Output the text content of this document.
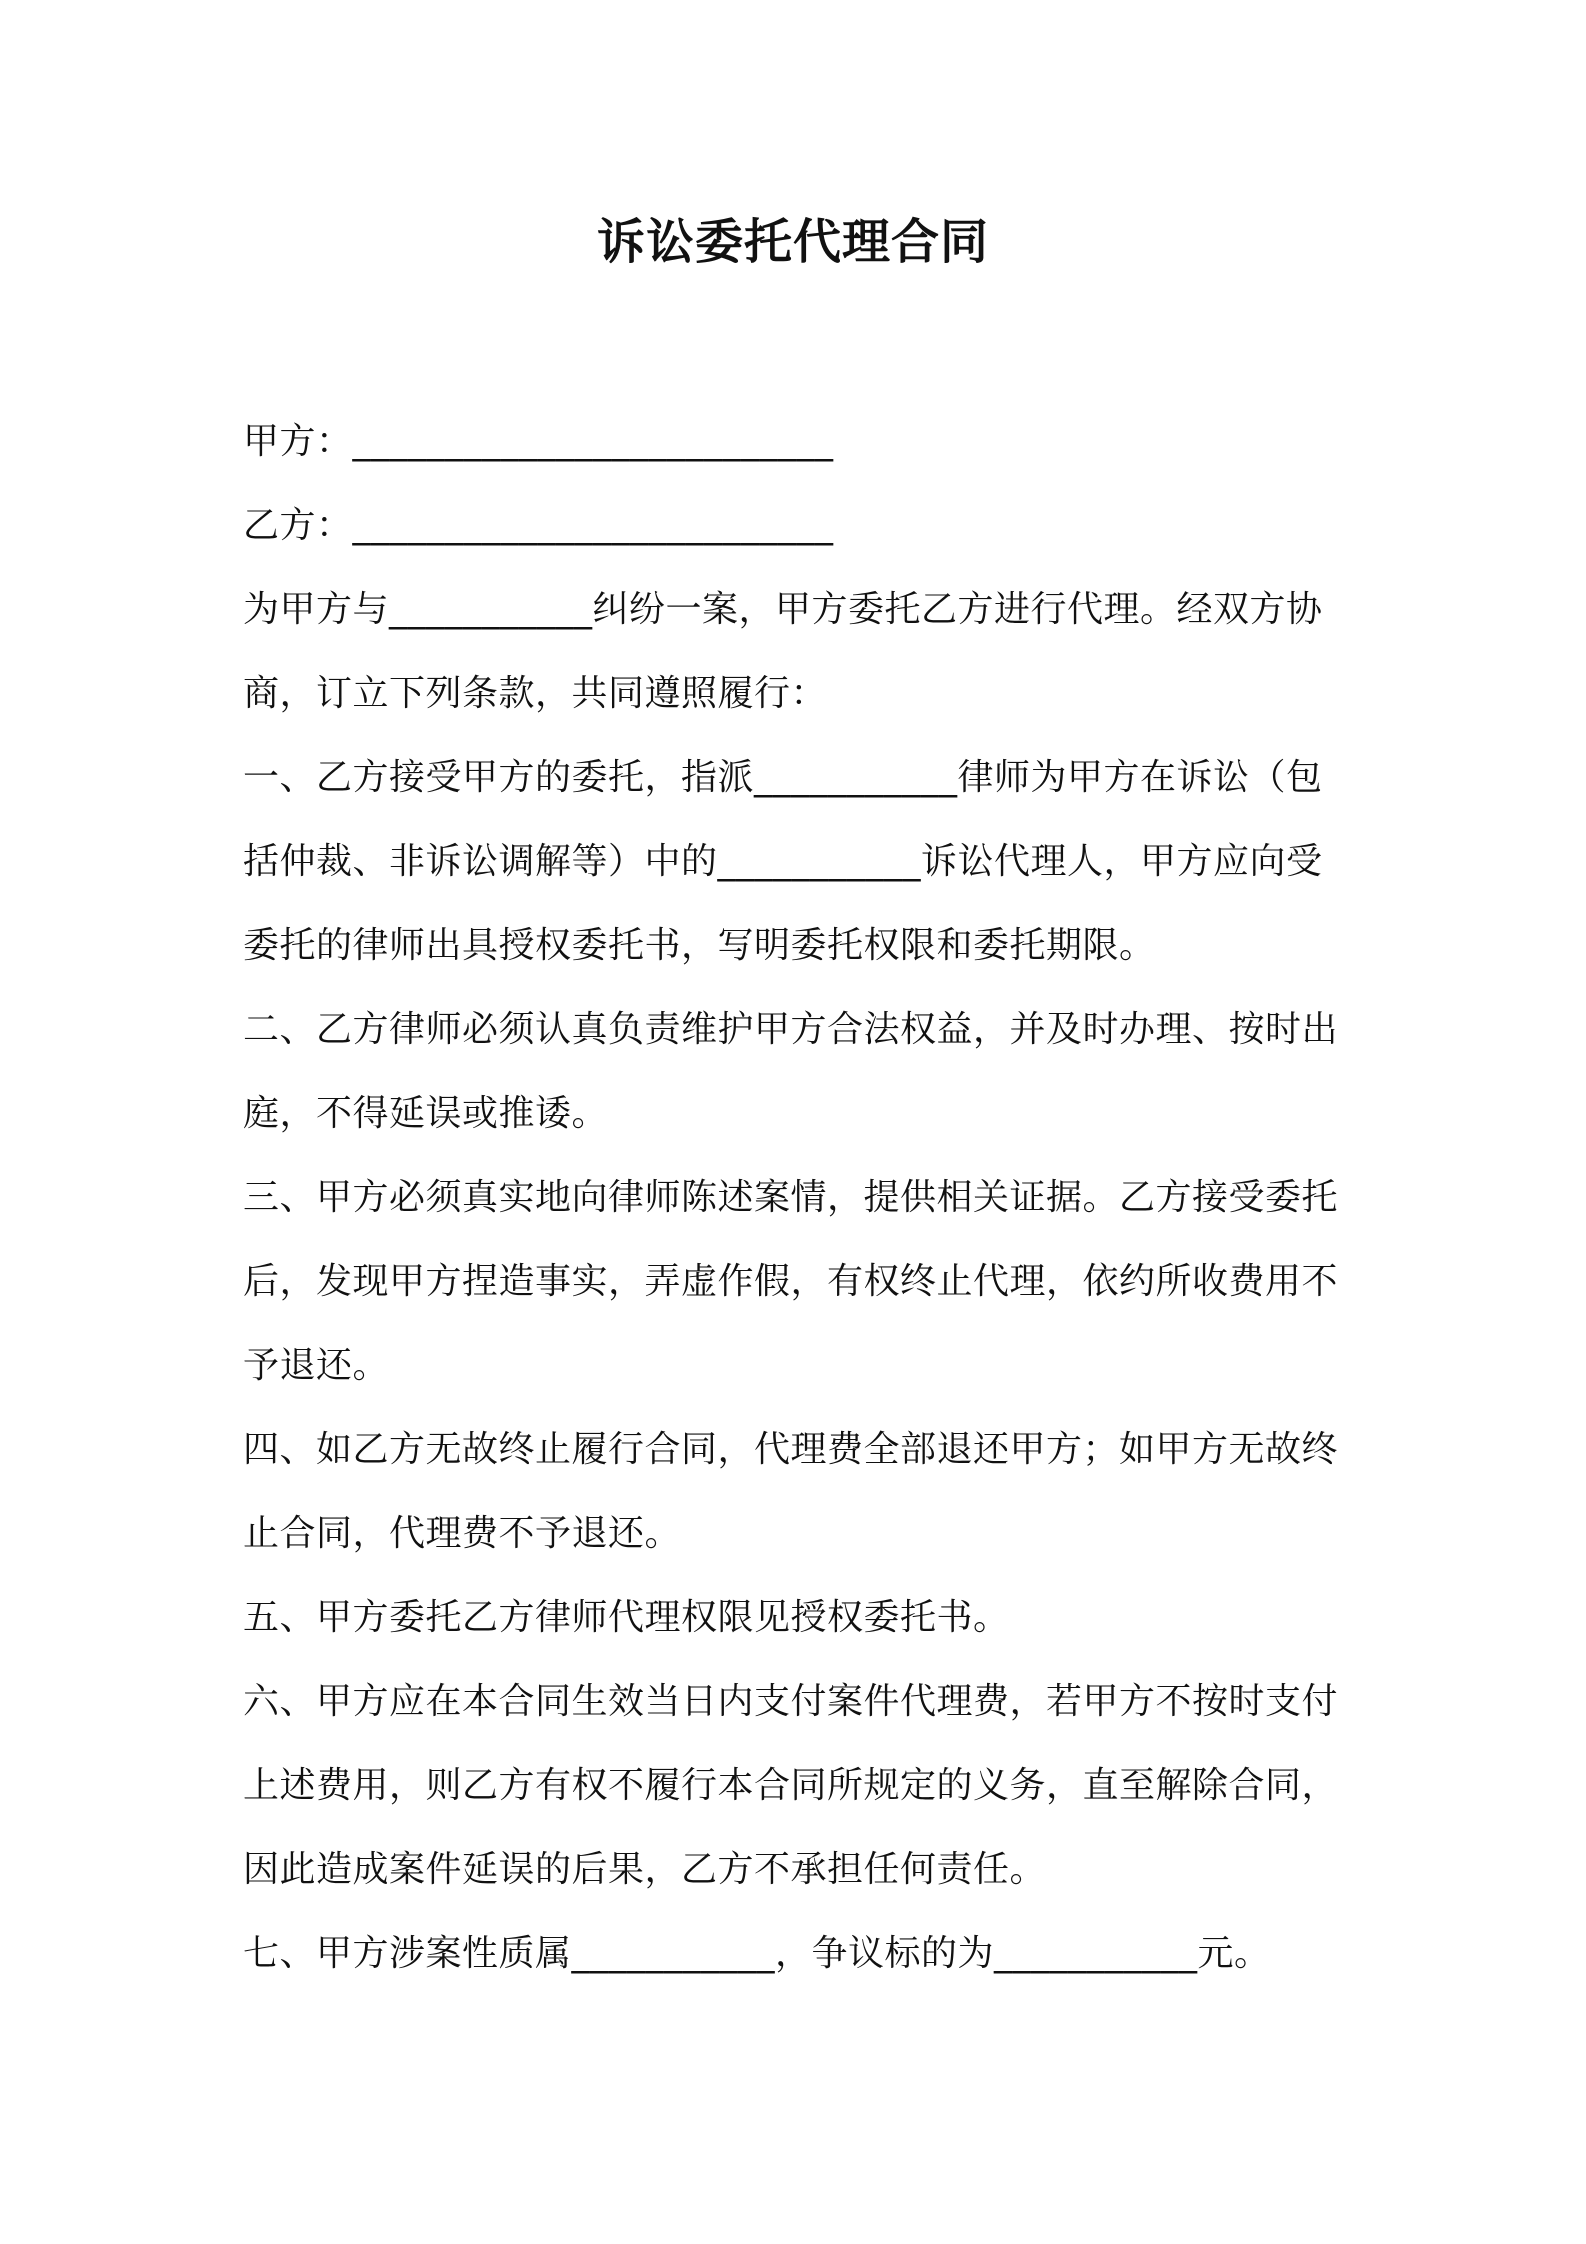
诉讼委托代理合同
甲方：__________________________
乙方：__________________________
为甲方与___________纠纷一案，甲方委托乙方进行代理。经双方协
商，订立下列条款，共同遵照履行：
一、乙方接受甲方的委托，指派___________律师为甲方在诉讼（包
括仲裁、非诉讼调解等）中的___________诉讼代理人，甲方应向受
委托的律师出具授权委托书，写明委托权限和委托期限。
二、乙方律师必须认真负责维护甲方合法权益，并及时办理、按时出
庭，不得延误或推诿。
三、甲方必须真实地向律师陈述案情，提供相关证据。乙方接受委托
后，发现甲方捏造事实，弄虚作假，有权终止代理，依约所收费用不
予退还。
四、如乙方无故终止履行合同，代理费全部退还甲方；如甲方无故终
止合同，代理费不予退还。
五、甲方委托乙方律师代理权限见授权委托书。
六、甲方应在本合同生效当日内支付案件代理费，若甲方不按时支付
上述费用，则乙方有权不履行本合同所规定的义务，直至解除合同，
因此造成案件延误的后果，乙方不承担任何责任。
七、甲方涉案性质属___________，争议标的为___________元。
